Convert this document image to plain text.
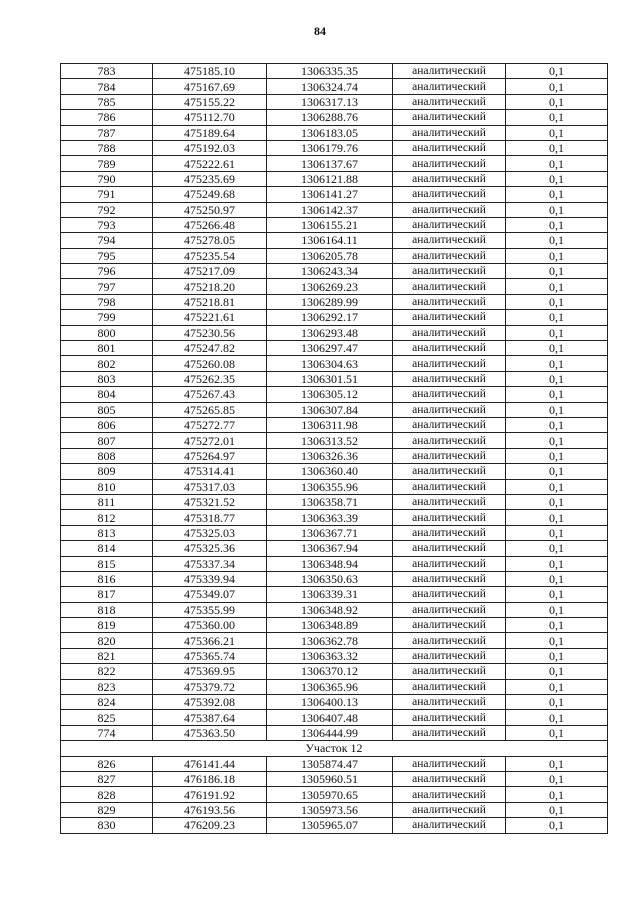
84
783	475185.10	1306335.35	аналитический	0,1
784	475167.69	1306324.74	аналитический	0,1
785	475155.22	1306317.13	аналитический	0,1
786	475112.70	1306288.76	аналитический	0,1
787	475189.64	1306183.05	аналитический	0,1
788	475192.03	1306179.76	аналитический	0,1
789	475222.61	1306137.67	аналитический	0,1
790	475235.69	1306121.88	аналитический	0,1
791	475249.68	1306141.27	аналитический	0,1
792	475250.97	1306142.37	аналитический	0,1
793	475266.48	1306155.21	аналитический	0,1
794	475278.05	1306164.11	аналитический	0,1
795	475235.54	1306205.78	аналитический	0,1
796	475217.09	1306243.34	аналитический	0,1
797	475218.20	1306269.23	аналитический	0,1
798	475218.81	1306289.99	аналитический	0,1
799	475221.61	1306292.17	аналитический	0,1
800	475230.56	1306293.48	аналитический	0,1
801	475247.82	1306297.47	аналитический	0,1
802	475260.08	1306304.63	аналитический	0,1
803	475262.35	1306301.51	аналитический	0,1
804	475267.43	1306305.12	аналитический	0,1
805	475265.85	1306307.84	аналитический	0,1
806	475272.77	1306311.98	аналитический	0,1
807	475272.01	1306313.52	аналитический	0,1
808	475264.97	1306326.36	аналитический	0,1
809	475314.41	1306360.40	аналитический	0,1
810	475317.03	1306355.96	аналитический	0,1
811	475321.52	1306358.71	аналитический	0,1
812	475318.77	1306363.39	аналитический	0,1
813	475325.03	1306367.71	аналитический	0,1
814	475325.36	1306367.94	аналитический	0,1
815	475337.34	1306348.94	аналитический	0,1
816	475339.94	1306350.63	аналитический	0,1
817	475349.07	1306339.31	аналитический	0,1
818	475355.99	1306348.92	аналитический	0,1
819	475360.00	1306348.89	аналитический	0,1
820	475366.21	1306362.78	аналитический	0,1
821	475365.74	1306363.32	аналитический	0,1
822	475369.95	1306370.12	аналитический	0,1
823	475379.72	1306365.96	аналитический	0,1
824	475392.08	1306400.13	аналитический	0,1
825	475387.64	1306407.48	аналитический	0,1
774	475363.50	1306444.99	аналитический	0,1
Участок 12				
826	476141.44	1305874.47	аналитический	0,1
827	476186.18	1305960.51	аналитический	0,1
828	476191.92	1305970.65	аналитический	0,1
829	476193.56	1305973.56	аналитический	0,1
830	476209.23	1305965.07	аналитический	0,1
